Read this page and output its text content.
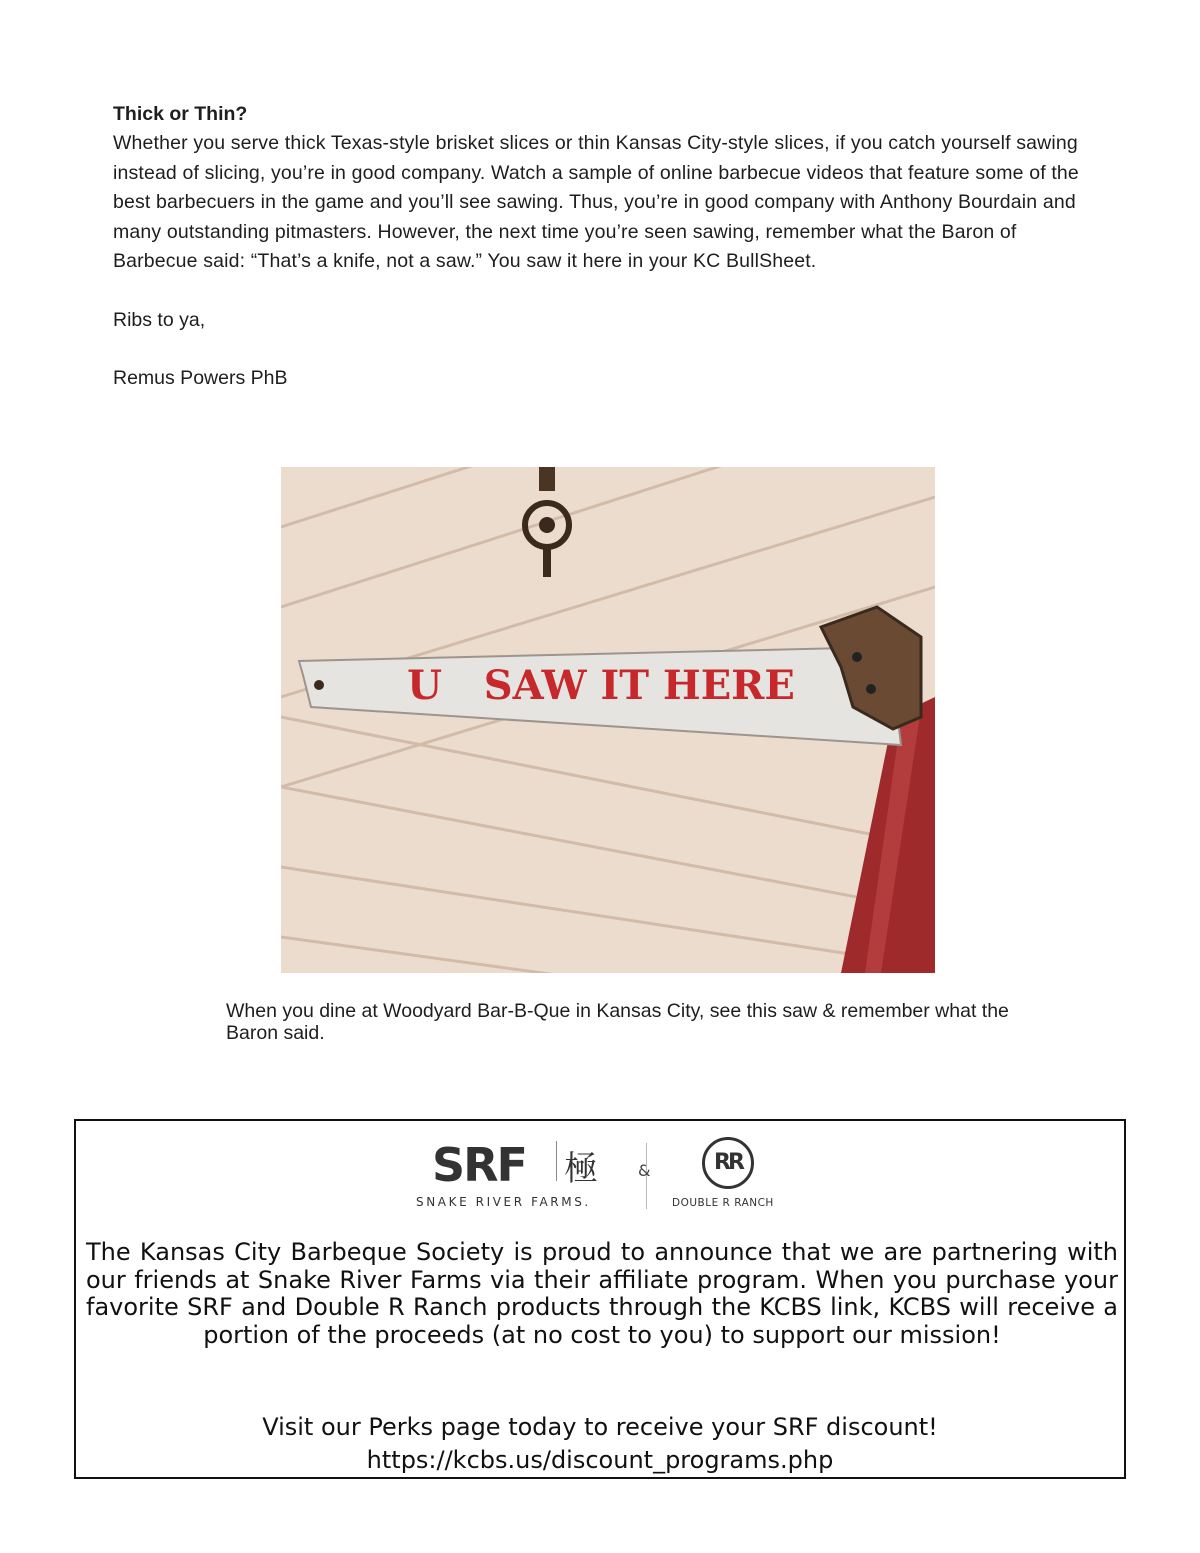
Thick or Thin?

Whether you serve thick Texas-style brisket slices or thin Kansas City-style slices, if you catch yourself sawing instead of slicing, you’re in good company. Watch a sample of online barbecue videos that feature some of the best barbecuers in the game and you’ll see sawing. Thus, you’re in good company with Anthony Bourdain and many outstanding pitmasters. However, the next time you’re seen sawing, remember what the Baron of Barbecue said: “That’s a knife, not a saw.” You saw it here in your KC BullSheet.

Ribs to ya,

Remus Powers PhB

U   SAW IT HERE

When you dine at Woodyard Bar-B-Que in Kansas City, see this saw & remember what the Baron said.

SRF 極
SNAKE RIVER FARMS.
&	RR
DOUBLE R RANCH

The Kansas City Barbeque Society is proud to announce that we are partnering with our friends at Snake River Farms via their affiliate program. When you purchase your favorite SRF and Double R Ranch products through the KCBS link, KCBS will receive a portion of the proceeds (at no cost to you) to support our mission!

Visit our Perks page today to receive your SRF discount!
https://kcbs.us/discount_programs.php
